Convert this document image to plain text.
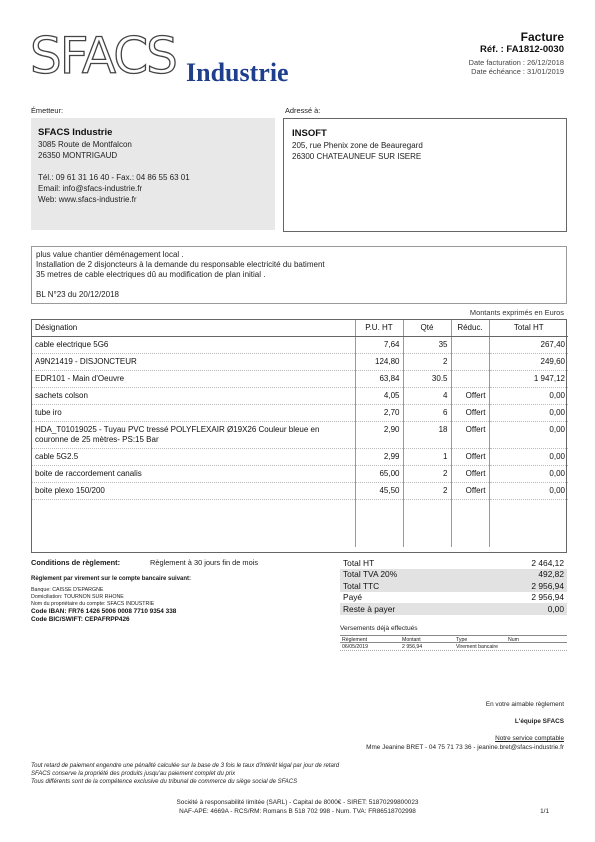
SFACS Industrie
Facture
Réf. : FA1812-0030
Date facturation : 26/12/2018
Date échéance : 31/01/2019
Émetteur:	Adressé à:
SFACS Industrie
3085 Route de Montfalcon
26350 MONTRIGAUD
Tél.: 09 61 31 16 40 - Fax.: 04 86 55 63 01
Email: info@sfacs-industrie.fr
Web: www.sfacs-industrie.fr
INSOFT
205, rue Phenix zone de Beauregard
26300 CHATEAUNEUF SUR ISERE
plus value chantier déménagement local .
Installation de 2 disjoncteurs à la demande du responsable electricité du batiment
35 metres de cable electriques dû au modification de plan initial .
BL N°23 du 20/12/2018
Montants exprimés en Euros
Désignation	P.U. HT	Qté	Réduc.	Total HT
cable electrique 5G6	7,64	35		267,40
A9N21419 - DISJONCTEUR	124,80	2		249,60
EDR101 - Main d'Oeuvre	63,84	30.5		1 947,12
sachets colson	4,05	4	Offert	0,00
tube iro	2,70	6	Offert	0,00
HDA_T01019025 - Tuyau PVC tressé POLYFLEXAIR Ø19X26 Couleur bleue en couronne de 25 mètres- PS:15 Bar	2,90	18	Offert	0,00
cable 5G2.5	2,99	1	Offert	0,00
boite de raccordement canalis	65,00	2	Offert	0,00
boite plexo 150/200	45,50	2	Offert	0,00

Conditions de règlement:	Règlement à 30 jours fin de mois
Règlement par virement sur le compte bancaire suivant:
Banque: CAISSE D'EPARGNE
Domiciliation: TOURNON SUR RHONE
Nom du propriétaire du compte: SFACS INDUSTRIE
Code IBAN: FR76 1426 5006 0008 7710 9354 338
Code BIC/SWIFT: CEPAFRPP426
Total HT	2 464,12
Total TVA 20%	492,82
Total TTC	2 956,94
Payé	2 956,94
Reste à payer	0,00
Versements déjà effectués
Règlement	Montant	Type	Num
06/05/2019	2 956,94	Virement bancaire
En votre aimable règlement
L'équipe SFACS
Notre service comptable
Mme Jeanine BRET - 04 75 71 73 36 - jeanine.bret@sfacs-industrie.fr
Tout retard de paiement engendre une pénalité calculée sur la base de 3 fois le taux d'intérêt légal par jour de retard
SFACS conserve la propriété des produits jusqu'au paiement complet du prix
Tous différents sont de la compétence exclusive du tribunal de commerce du siège social de SFACS
Société à responsabilité limitée (SARL) - Capital de 8000€ - SIRET: 51870299800023
NAF-APE: 4669A - RCS/RM: Romans B 518 702 998 - Num. TVA: FR86518702998	1/1
